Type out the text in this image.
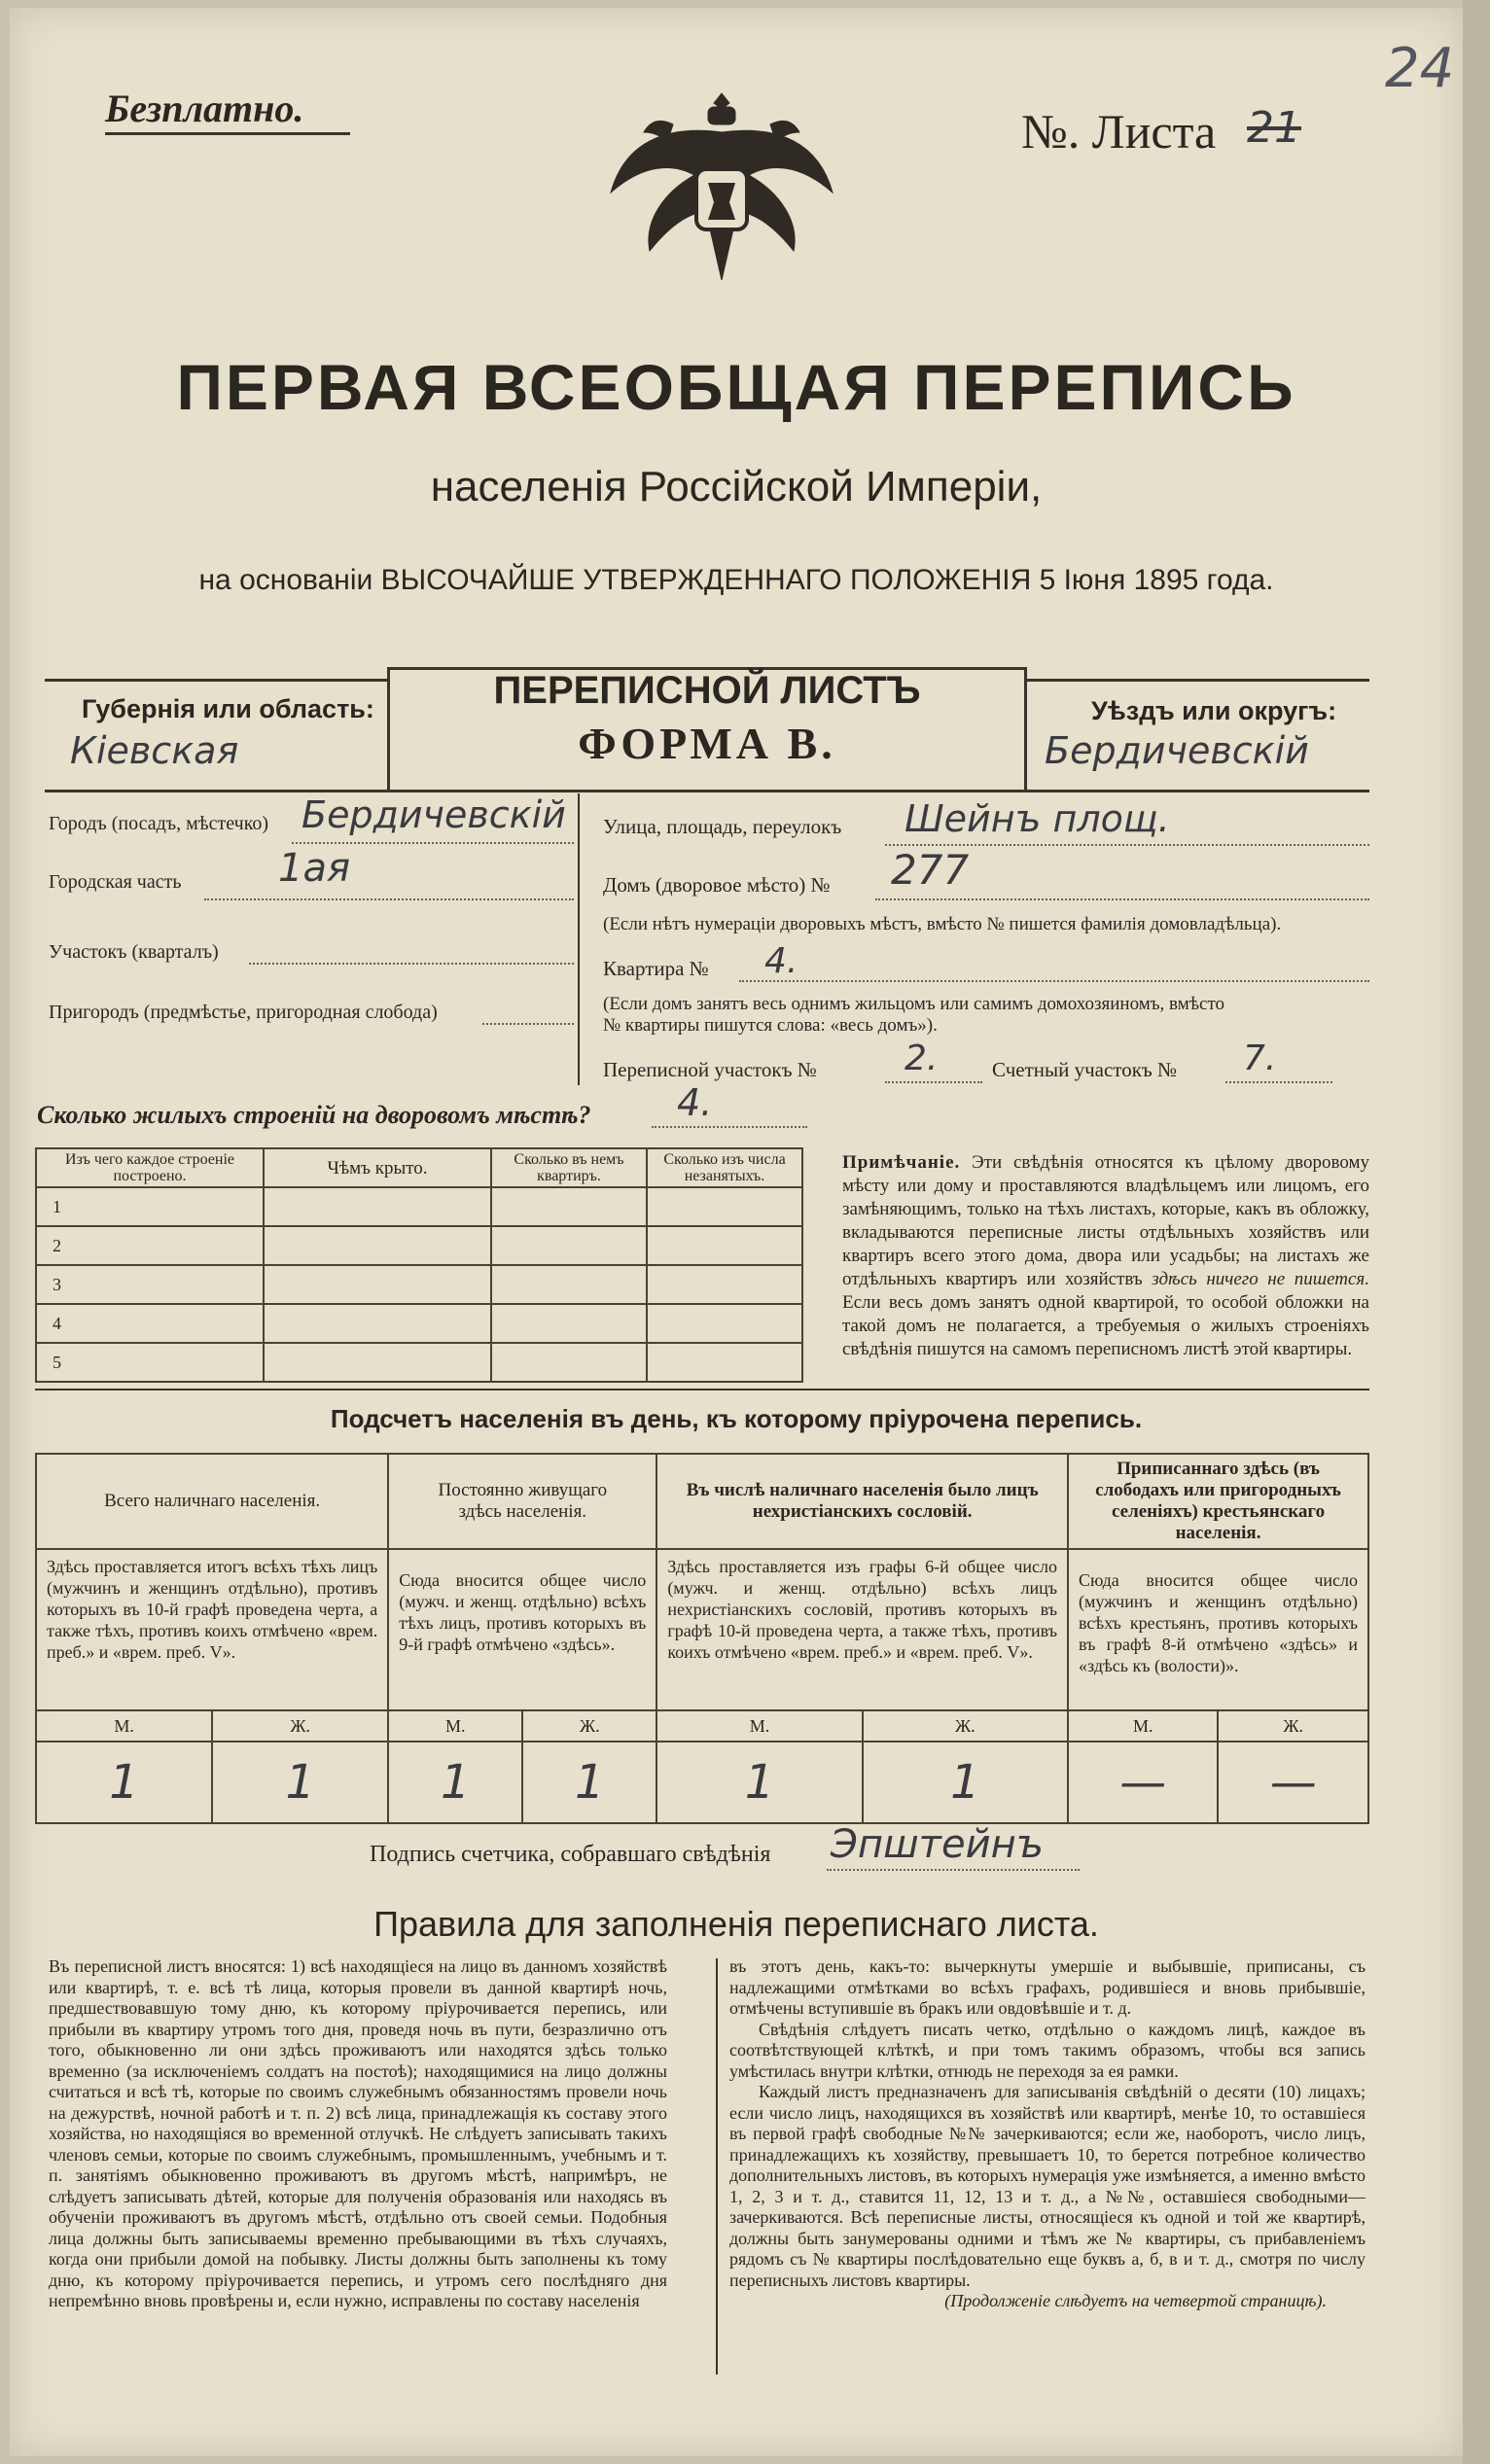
Безплатно.	№. Листа 21
24
ПЕРВАЯ ВСЕОБЩАЯ ПЕРЕПИСЬ
населенія Россійской Имперіи,
на основаніи ВЫСОЧАЙШЕ УТВЕРЖДЕННАГО ПОЛОЖЕНІЯ 5 Іюня 1895 года.
ПЕРЕПИСНОЙ ЛИСТЪ
ФОРМА В.
Губернія или область:
Кіевская
Уѣздъ или округъ:
Бердичевскій
Городъ (посадъ, мѣстечко) Бердичевскій
Городская часть 1ая
Участокъ (кварталъ)
Пригородъ (предмѣстье, пригородная слобода)
Улица, площадь, переулокъ Шейнъ площ.
Домъ (дворовое мѣсто) № 277
(Если нѣтъ нумераціи дворовыхъ мѣстъ, вмѣсто № пишется фамилія домовладѣльца).
Квартира № 4.
(Если домъ занятъ весь однимъ жильцомъ или самимъ домохозяиномъ, вмѣсто
№ квартиры пишутся слова: «весь домъ»).
Переписной участокъ №	2.	Счетный участокъ № 7.
Сколько жилыхъ строеній на дворовомъ мѣстѣ? 4.
Изъ чего каждое строеніе построено.	Чѣмъ крыто.	Сколько въ немъ квартиръ.	Сколько изъ числа незанятыхъ.
1			
2			
3			
4			
5			
Примѣчаніе. Эти свѣдѣнія относятся къ цѣлому дворовому мѣсту или дому и проставляются владѣльцемъ или лицомъ, его замѣняющимъ, только на тѣхъ листахъ, которые, какъ въ обложку, вкладываются переписные листы отдѣльныхъ хозяйствъ или квартиръ всего этого дома, двора или усадьбы; на листахъ же отдѣльныхъ квартиръ или хозяйствъ здѣсь ничего не пишется. Если весь домъ занятъ одной квартирой, то особой обложки на такой домъ не полагается, а требуемыя о жилыхъ строеніяхъ свѣдѣнія пишутся на самомъ переписномъ листѣ этой квартиры.
Подсчетъ населенія въ день, къ которому пріурочена перепись.
Всего наличнаго населенія.		Постоянно живущаго здѣсь населенія.		Въ числѣ наличнаго населенія было лицъ нехристіанскихъ сословій.		Приписаннаго здѣсь (въ слободахъ или пригородныхъ селеніяхъ) крестьянскаго населенія.	
Здѣсь проставляется итогъ всѣхъ тѣхъ лицъ (мужчинъ и женщинъ отдѣльно), противъ которыхъ въ 10-й графѣ проведена черта, а также тѣхъ, противъ коихъ отмѣчено «врем. преб.» и «врем. преб. V».		Сюда вносится общее число (мужч. и женщ. отдѣльно) всѣхъ тѣхъ лицъ, противъ которыхъ въ 9-й графѣ отмѣчено «здѣсь».		Здѣсь проставляется изъ графы 6-й общее число (мужч. и женщ. отдѣльно) всѣхъ лицъ нехристіанскихъ сословій, противъ которыхъ въ графѣ 10-й проведена черта, а также тѣхъ, противъ коихъ отмѣчено «врем. преб.» и «врем. преб. V».		Сюда вносится общее число (мужчинъ и женщинъ отдѣльно) всѣхъ крестьянъ, противъ которыхъ въ графѣ 8-й отмѣчено «здѣсь» и «здѣсь къ (волости)».	
М.	Ж.	М.	Ж.	М.	Ж.	М.	Ж.
1	1	1	1	1	1	—	—
Подпись счетчика, собравшаго свѣдѣнія Эпштейнъ
Правила для заполненія переписнаго листа.
Въ переписной листъ вносятся: 1) всѣ находящіеся на лицо въ данномъ хозяйствѣ или квартирѣ, т. е. всѣ тѣ лица, которыя провели въ данной квартирѣ ночь, предшествовавшую тому дню, къ которому пріурочивается перепись, или прибыли въ квартиру утромъ того дня, проведя ночь въ пути, безразлично отъ того, обыкновенно ли они здѣсь проживаютъ или находятся здѣсь только временно (за исключеніемъ солдатъ на постоѣ); находящимися на лицо должны считаться и всѣ тѣ, которые по своимъ служебнымъ обязанностямъ провели ночь на дежурствѣ, ночной работѣ и т. п. 2) всѣ лица, принадлежащія къ составу этого хозяйства, но находящіяся во временной отлучкѣ. Не слѣдуетъ записывать такихъ членовъ семьи, которые по своимъ служебнымъ, промышленнымъ, учебнымъ и т. п. занятіямъ обыкновенно проживаютъ въ другомъ мѣстѣ, напримѣръ, не слѣдуетъ записывать дѣтей, которые для полученія образованія или находясь въ обученіи проживаютъ въ другомъ мѣстѣ, отдѣльно отъ своей семьи. Подобныя лица должны быть записываемы временно пребывающими въ тѣхъ случаяхъ, когда они прибыли домой на побывку. Листы должны быть заполнены къ тому дню, къ которому пріурочивается перепись, и утромъ сего послѣдняго дня непремѣнно вновь провѣрены и, если нужно, исправлены по составу населенія
въ этотъ день, какъ-то: вычеркнуты умершіе и выбывшіе, приписаны, съ надлежащими отмѣтками во всѣхъ графахъ, родившіеся и вновь прибывшіе, отмѣчены вступившіе въ бракъ или овдовѣвшіе и т. д.
Свѣдѣнія слѣдуетъ писать четко, отдѣльно о каждомъ лицѣ, каждое въ соотвѣтствующей клѣткѣ, и при томъ такимъ образомъ, чтобы вся запись умѣстилась внутри клѣтки, отнюдь не переходя за ея рамки.
Каждый листъ предназначенъ для записыванія свѣдѣній о десяти (10) лицахъ; если число лицъ, находящихся въ хозяйствѣ или квартирѣ, менѣе 10, то оставшіеся въ первой графѣ свободные №№ зачеркиваются; если же, наоборотъ, число лицъ, принадлежащихъ къ хозяйству, превышаетъ 10, то берется потребное количество дополнительныхъ листовъ, въ которыхъ нумерація уже измѣняется, а именно вмѣсто 1, 2, 3 и т. д., ставится 11, 12, 13 и т. д., а №№, оставшіеся свободными—зачеркиваются. Всѣ переписные листы, относящіеся къ одной и той же квартирѣ, должны быть занумерованы одними и тѣмъ же № квартиры, съ прибавленіемъ рядомъ съ № квартиры послѣдовательно еще буквъ а, б, в и т. д., смотря по числу переписныхъ листовъ квартиры.
(Продолженіе слѣдуетъ на четвертой страницѣ).
